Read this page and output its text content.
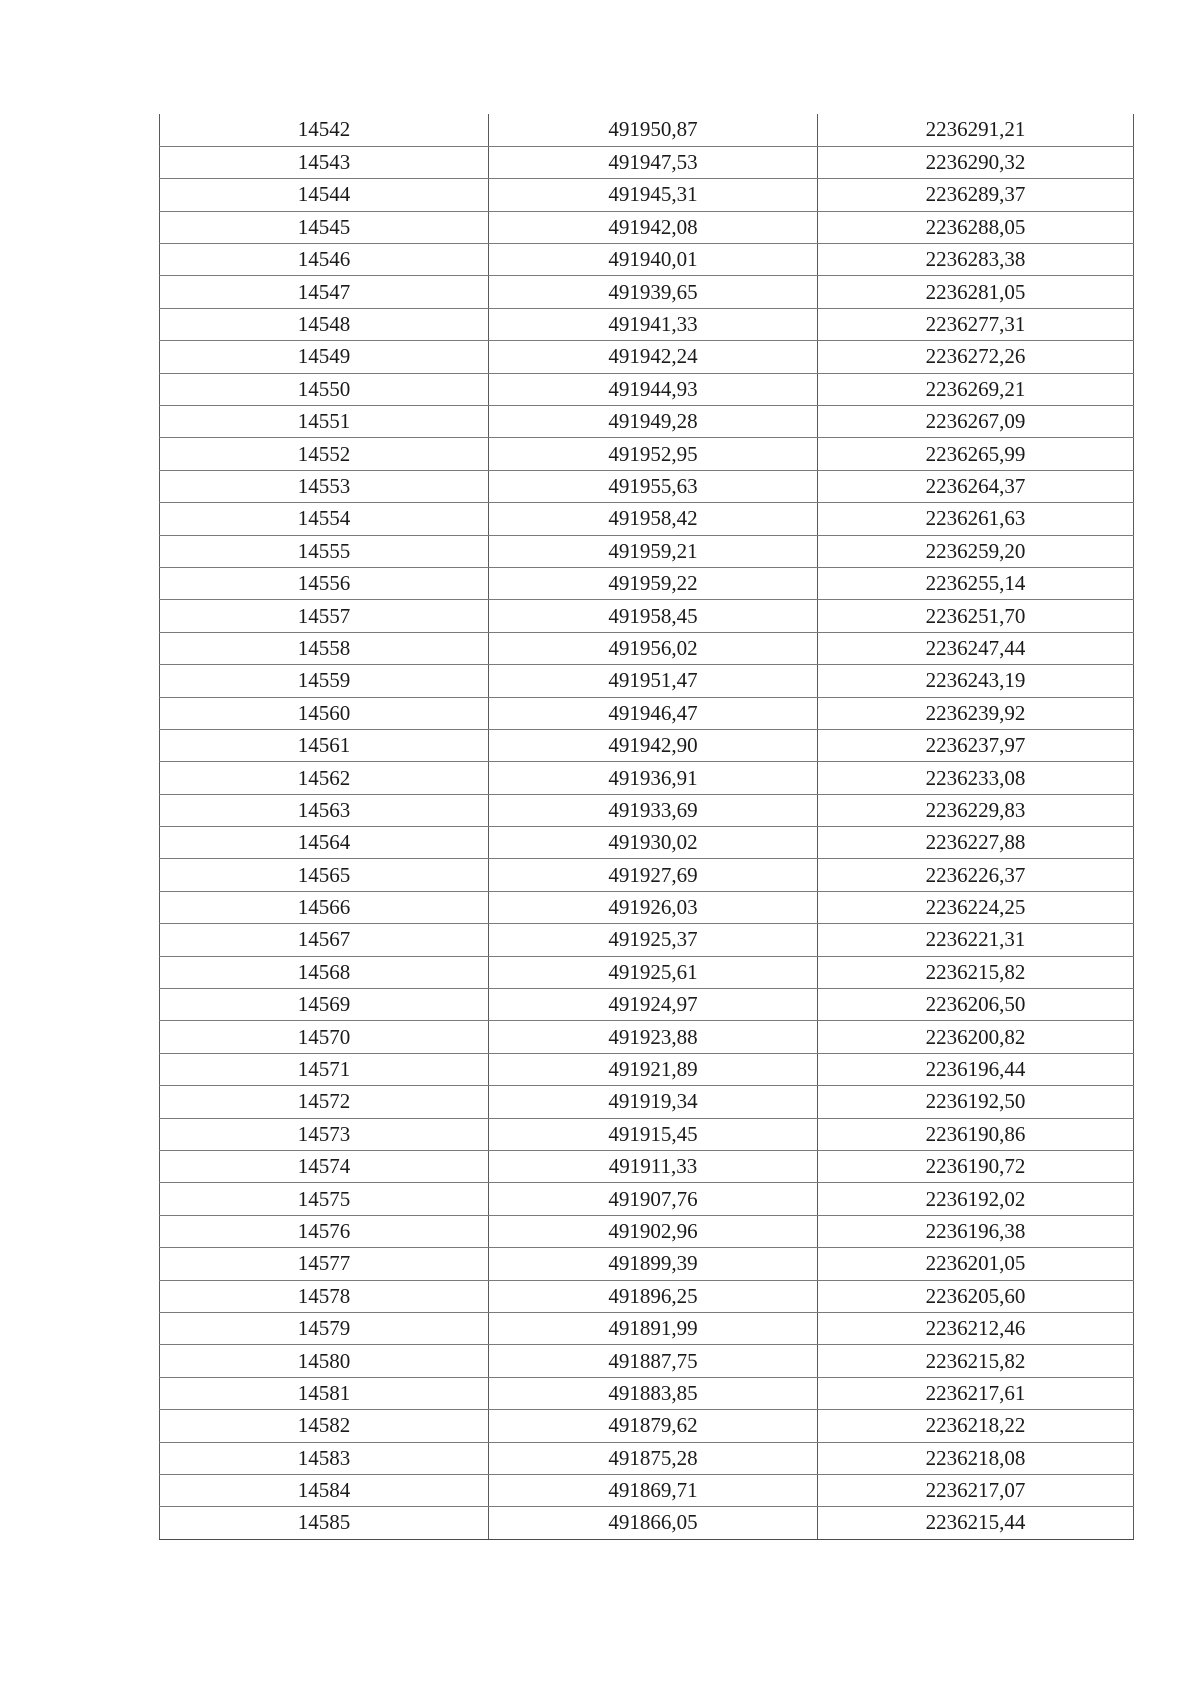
14542	491950,87	2236291,21
14543	491947,53	2236290,32
14544	491945,31	2236289,37
14545	491942,08	2236288,05
14546	491940,01	2236283,38
14547	491939,65	2236281,05
14548	491941,33	2236277,31
14549	491942,24	2236272,26
14550	491944,93	2236269,21
14551	491949,28	2236267,09
14552	491952,95	2236265,99
14553	491955,63	2236264,37
14554	491958,42	2236261,63
14555	491959,21	2236259,20
14556	491959,22	2236255,14
14557	491958,45	2236251,70
14558	491956,02	2236247,44
14559	491951,47	2236243,19
14560	491946,47	2236239,92
14561	491942,90	2236237,97
14562	491936,91	2236233,08
14563	491933,69	2236229,83
14564	491930,02	2236227,88
14565	491927,69	2236226,37
14566	491926,03	2236224,25
14567	491925,37	2236221,31
14568	491925,61	2236215,82
14569	491924,97	2236206,50
14570	491923,88	2236200,82
14571	491921,89	2236196,44
14572	491919,34	2236192,50
14573	491915,45	2236190,86
14574	491911,33	2236190,72
14575	491907,76	2236192,02
14576	491902,96	2236196,38
14577	491899,39	2236201,05
14578	491896,25	2236205,60
14579	491891,99	2236212,46
14580	491887,75	2236215,82
14581	491883,85	2236217,61
14582	491879,62	2236218,22
14583	491875,28	2236218,08
14584	491869,71	2236217,07
14585	491866,05	2236215,44
